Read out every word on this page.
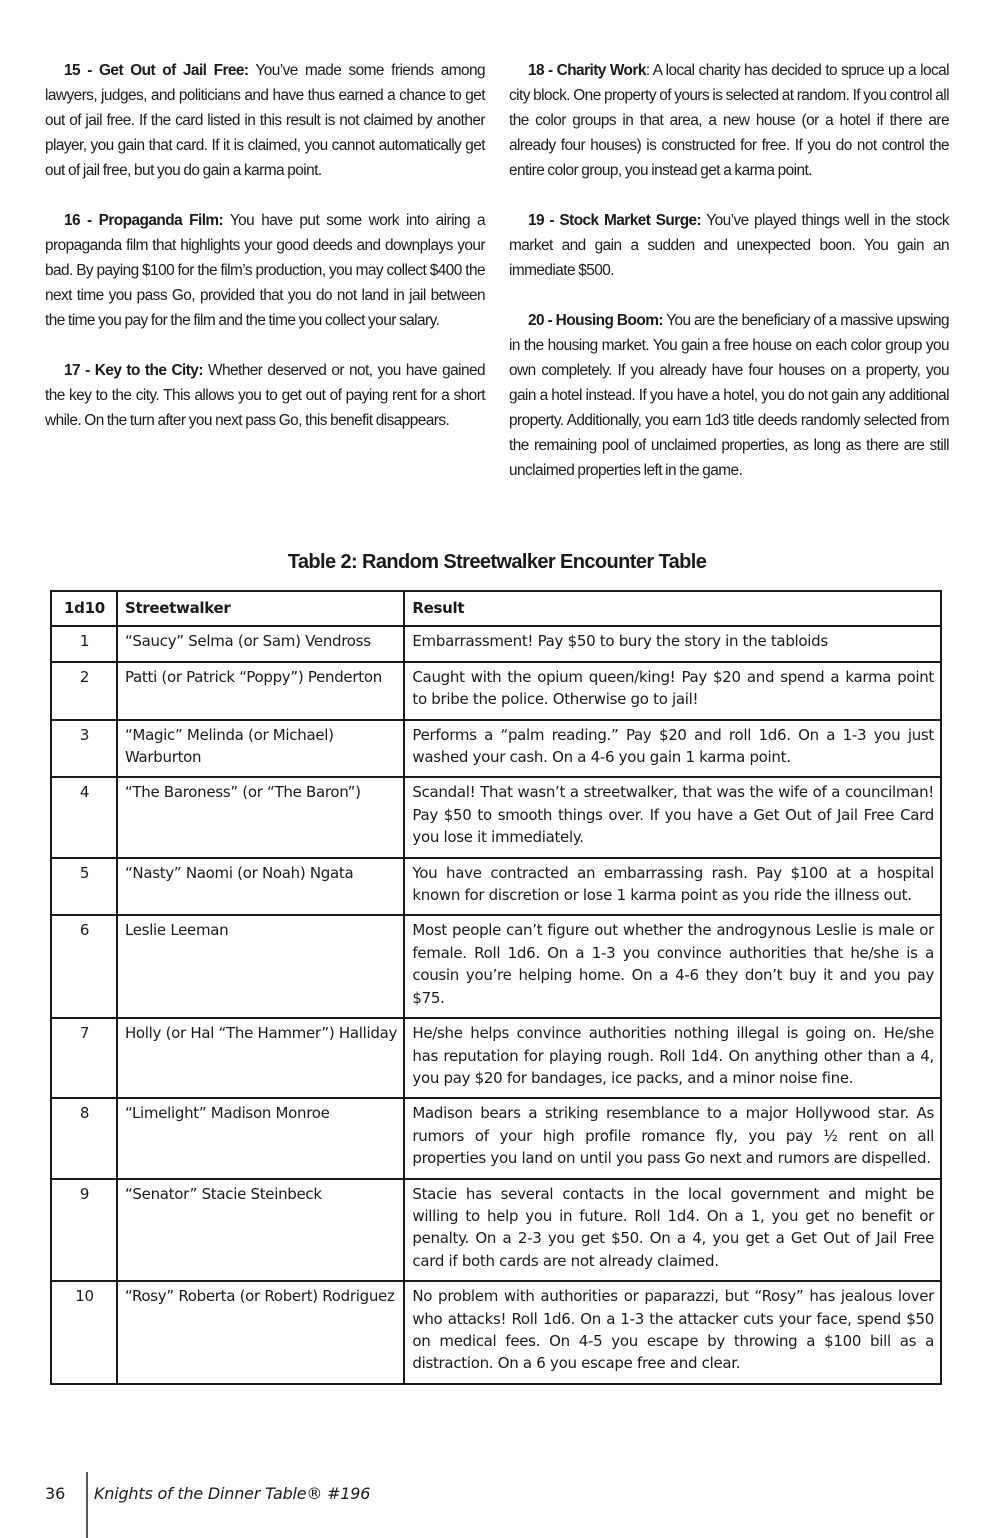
15 - Get Out of Jail Free: You’ve made some friends among lawyers, judges, and politicians and have thus earned a chance to get out of jail free. If the card listed in this result is not claimed by another player, you gain that card. If it is claimed, you cannot automatically get out of jail free, but you do gain a karma point.

16 - Propaganda Film: You have put some work into airing a propaganda film that highlights your good deeds and downplays your bad. By paying $100 for the film’s production, you may collect $400 the next time you pass Go, provided that you do not land in jail between the time you pay for the film and the time you collect your salary.

17 - Key to the City: Whether deserved or not, you have gained the key to the city. This allows you to get out of paying rent for a short while. On the turn after you next pass Go, this benefit disappears.

18 - Charity Work: A local charity has decided to spruce up a local city block. One property of yours is selected at random. If you control all the color groups in that area, a new house (or a hotel if there are already four houses) is constructed for free. If you do not control the entire color group, you instead get a karma point.

19 - Stock Market Surge: You’ve played things well in the stock market and gain a sudden and unexpected boon. You gain an immediate $500.

20 - Housing Boom: You are the beneficiary of a massive upswing in the housing market. You gain a free house on each color group you own completely. If you already have four houses on a property, you gain a hotel instead. If you have a hotel, you do not gain any additional property. Additionally, you earn 1d3 title deeds randomly selected from the remaining pool of unclaimed properties, as long as there are still unclaimed properties left in the game.

Table 2: Random Streetwalker Encounter Table
1d10	Streetwalker	Result
1	“Saucy” Selma (or Sam) Vendross	Embarrassment! Pay $50 to bury the story in the tabloids
2	Patti (or Patrick “Poppy”) Penderton	Caught with the opium queen/king! Pay $20 and spend a karma point to bribe the police. Otherwise go to jail!
3	“Magic” Melinda (or Michael) Warburton	Performs a “palm reading.” Pay $20 and roll 1d6. On a 1-3 you just washed your cash. On a 4-6 you gain 1 karma point.
4	“The Baroness” (or “The Baron”)	Scandal! That wasn’t a streetwalker, that was the wife of a councilman! Pay $50 to smooth things over. If you have a Get Out of Jail Free Card you lose it immediately.
5	“Nasty” Naomi (or Noah) Ngata	You have contracted an embarrassing rash. Pay $100 at a hospital known for discretion or lose 1 karma point as you ride the illness out.
6	Leslie Leeman	Most people can’t figure out whether the androgynous Leslie is male or female. Roll 1d6. On a 1-3 you convince authorities that he/she is a cousin you’re helping home. On a 4-6 they don’t buy it and you pay $75.
7	Holly (or Hal “The Hammer”) Halliday	He/she helps convince authorities nothing illegal is going on. He/she has reputation for playing rough. Roll 1d4. On anything other than a 4, you pay $20 for bandages, ice packs, and a minor noise fine.
8	“Limelight” Madison Monroe	Madison bears a striking resemblance to a major Hollywood star. As rumors of your high profile romance fly, you pay ½ rent on all properties you land on until you pass Go next and rumors are dispelled.
9	“Senator” Stacie Steinbeck	Stacie has several contacts in the local government and might be willing to help you in future. Roll 1d4. On a 1, you get no benefit or penalty. On a 2-3 you get $50. On a 4, you get a Get Out of Jail Free card if both cards are not already claimed.
10	“Rosy” Roberta (or Robert) Rodriguez	No problem with authorities or paparazzi, but “Rosy” has jealous lover who attacks! Roll 1d6. On a 1-3 the attacker cuts your face, spend $50 on medical fees. On 4-5 you escape by throwing a $100 bill as a distraction. On a 6 you escape free and clear.
36 Knights of the Dinner Table® #196
